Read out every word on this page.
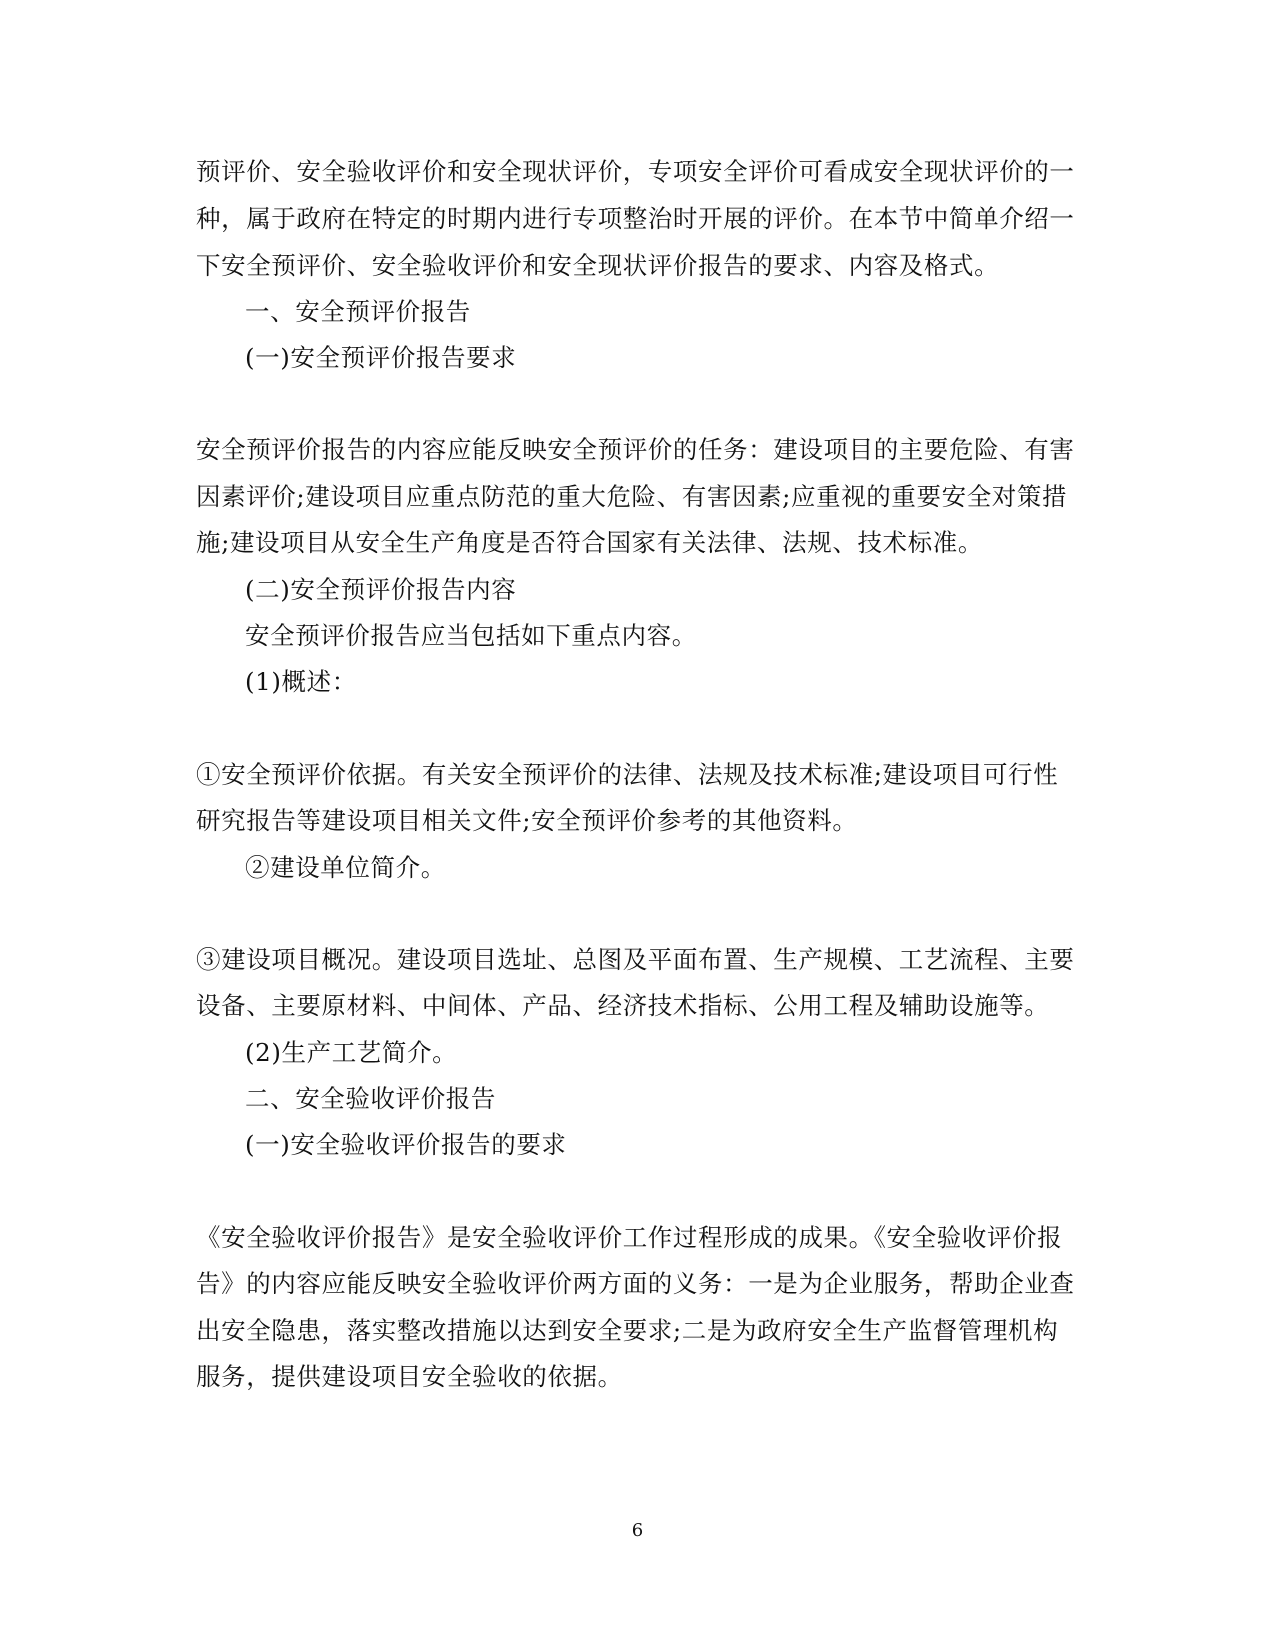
预评价、安全验收评价和安全现状评价，专项安全评价可看成安全现状评价的一
种，属于政府在特定的时期内进行专项整治时开展的评价。在本节中简单介绍一
下安全预评价、安全验收评价和安全现状评价报告的要求、内容及格式。
一、安全预评价报告
(一)安全预评价报告要求
安全预评价报告的内容应能反映安全预评价的任务：建设项目的主要危险、有害
因素评价;建设项目应重点防范的重大危险、有害因素;应重视的重要安全对策措
施;建设项目从安全生产角度是否符合国家有关法律、法规、技术标准。
(二)安全预评价报告内容
安全预评价报告应当包括如下重点内容。
(1)概述：
①安全预评价依据。有关安全预评价的法律、法规及技术标准;建设项目可行性
研究报告等建设项目相关文件;安全预评价参考的其他资料。
②建设单位简介。
③建设项目概况。建设项目选址、总图及平面布置、生产规模、工艺流程、主要
设备、主要原材料、中间体、产品、经济技术指标、公用工程及辅助设施等。
(2)生产工艺简介。
二、安全验收评价报告
(一)安全验收评价报告的要求
《安全验收评价报告》是安全验收评价工作过程形成的成果。《安全验收评价报
告》的内容应能反映安全验收评价两方面的义务：一是为企业服务，帮助企业查
出安全隐患，落实整改措施以达到安全要求;二是为政府安全生产监督管理机构
服务，提供建设项目安全验收的依据。
6
